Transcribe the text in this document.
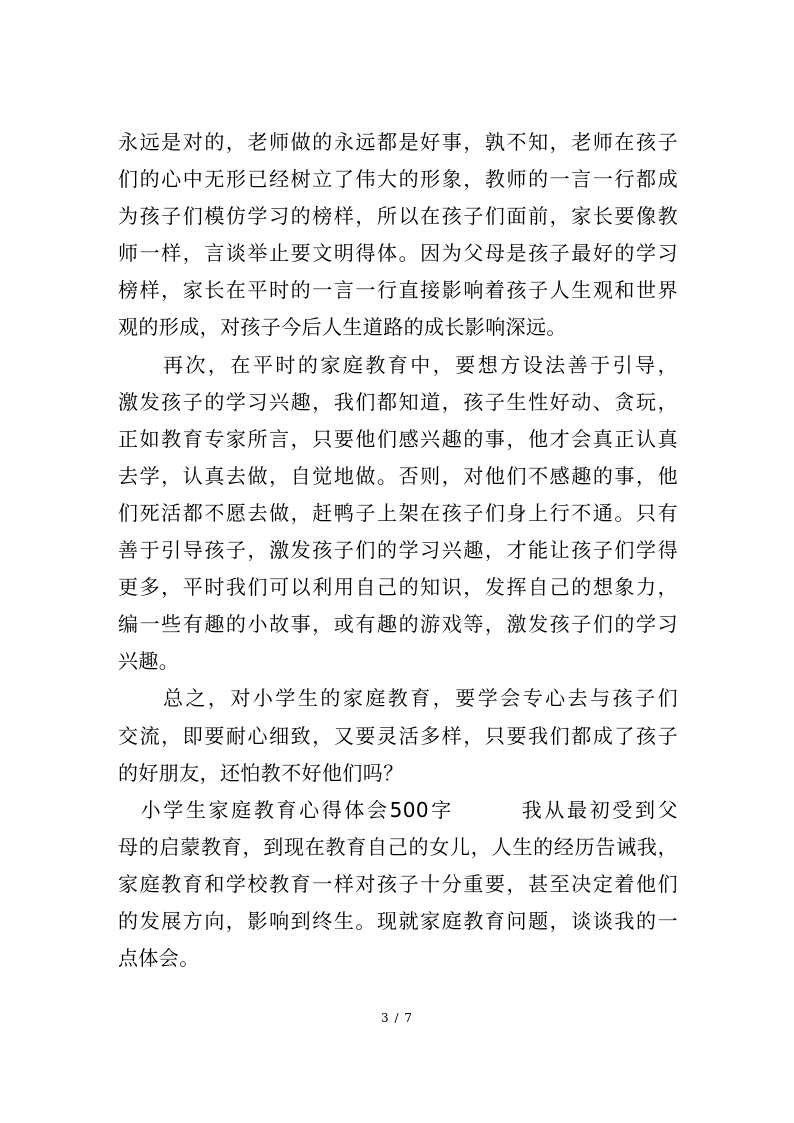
永远是对的，老师做的永远都是好事，孰不知，老师在孩子
们的心中无形已经树立了伟大的形象，教师的一言一行都成
为孩子们模仿学习的榜样，所以在孩子们面前，家长要像教
师一样，言谈举止要文明得体。因为父母是孩子最好的学习
榜样，家长在平时的一言一行直接影响着孩子人生观和世界
观的形成，对孩子今后人生道路的成长影响深远。
　　再次，在平时的家庭教育中，要想方设法善于引导，
激发孩子的学习兴趣，我们都知道，孩子生性好动、贪玩，
正如教育专家所言，只要他们感兴趣的事，他才会真正认真
去学，认真去做，自觉地做。否则，对他们不感趣的事，他
们死活都不愿去做，赶鸭子上架在孩子们身上行不通。只有
善于引导孩子，激发孩子们的学习兴趣，才能让孩子们学得
更多，平时我们可以利用自己的知识，发挥自己的想象力，
编一些有趣的小故事，或有趣的游戏等，激发孩子们的学习
兴趣。
　　总之，对小学生的家庭教育，要学会专心去与孩子们
交流，即要耐心细致，又要灵活多样，只要我们都成了孩子
的好朋友，还怕教不好他们吗？
　小学生家庭教育心得体会500字　　　我从最初受到父
母的启蒙教育，到现在教育自己的女儿，人生的经历告诫我，
家庭教育和学校教育一样对孩子十分重要，甚至决定着他们
的发展方向，影响到终生。现就家庭教育问题，谈谈我的一
点体会。
3 / 7
